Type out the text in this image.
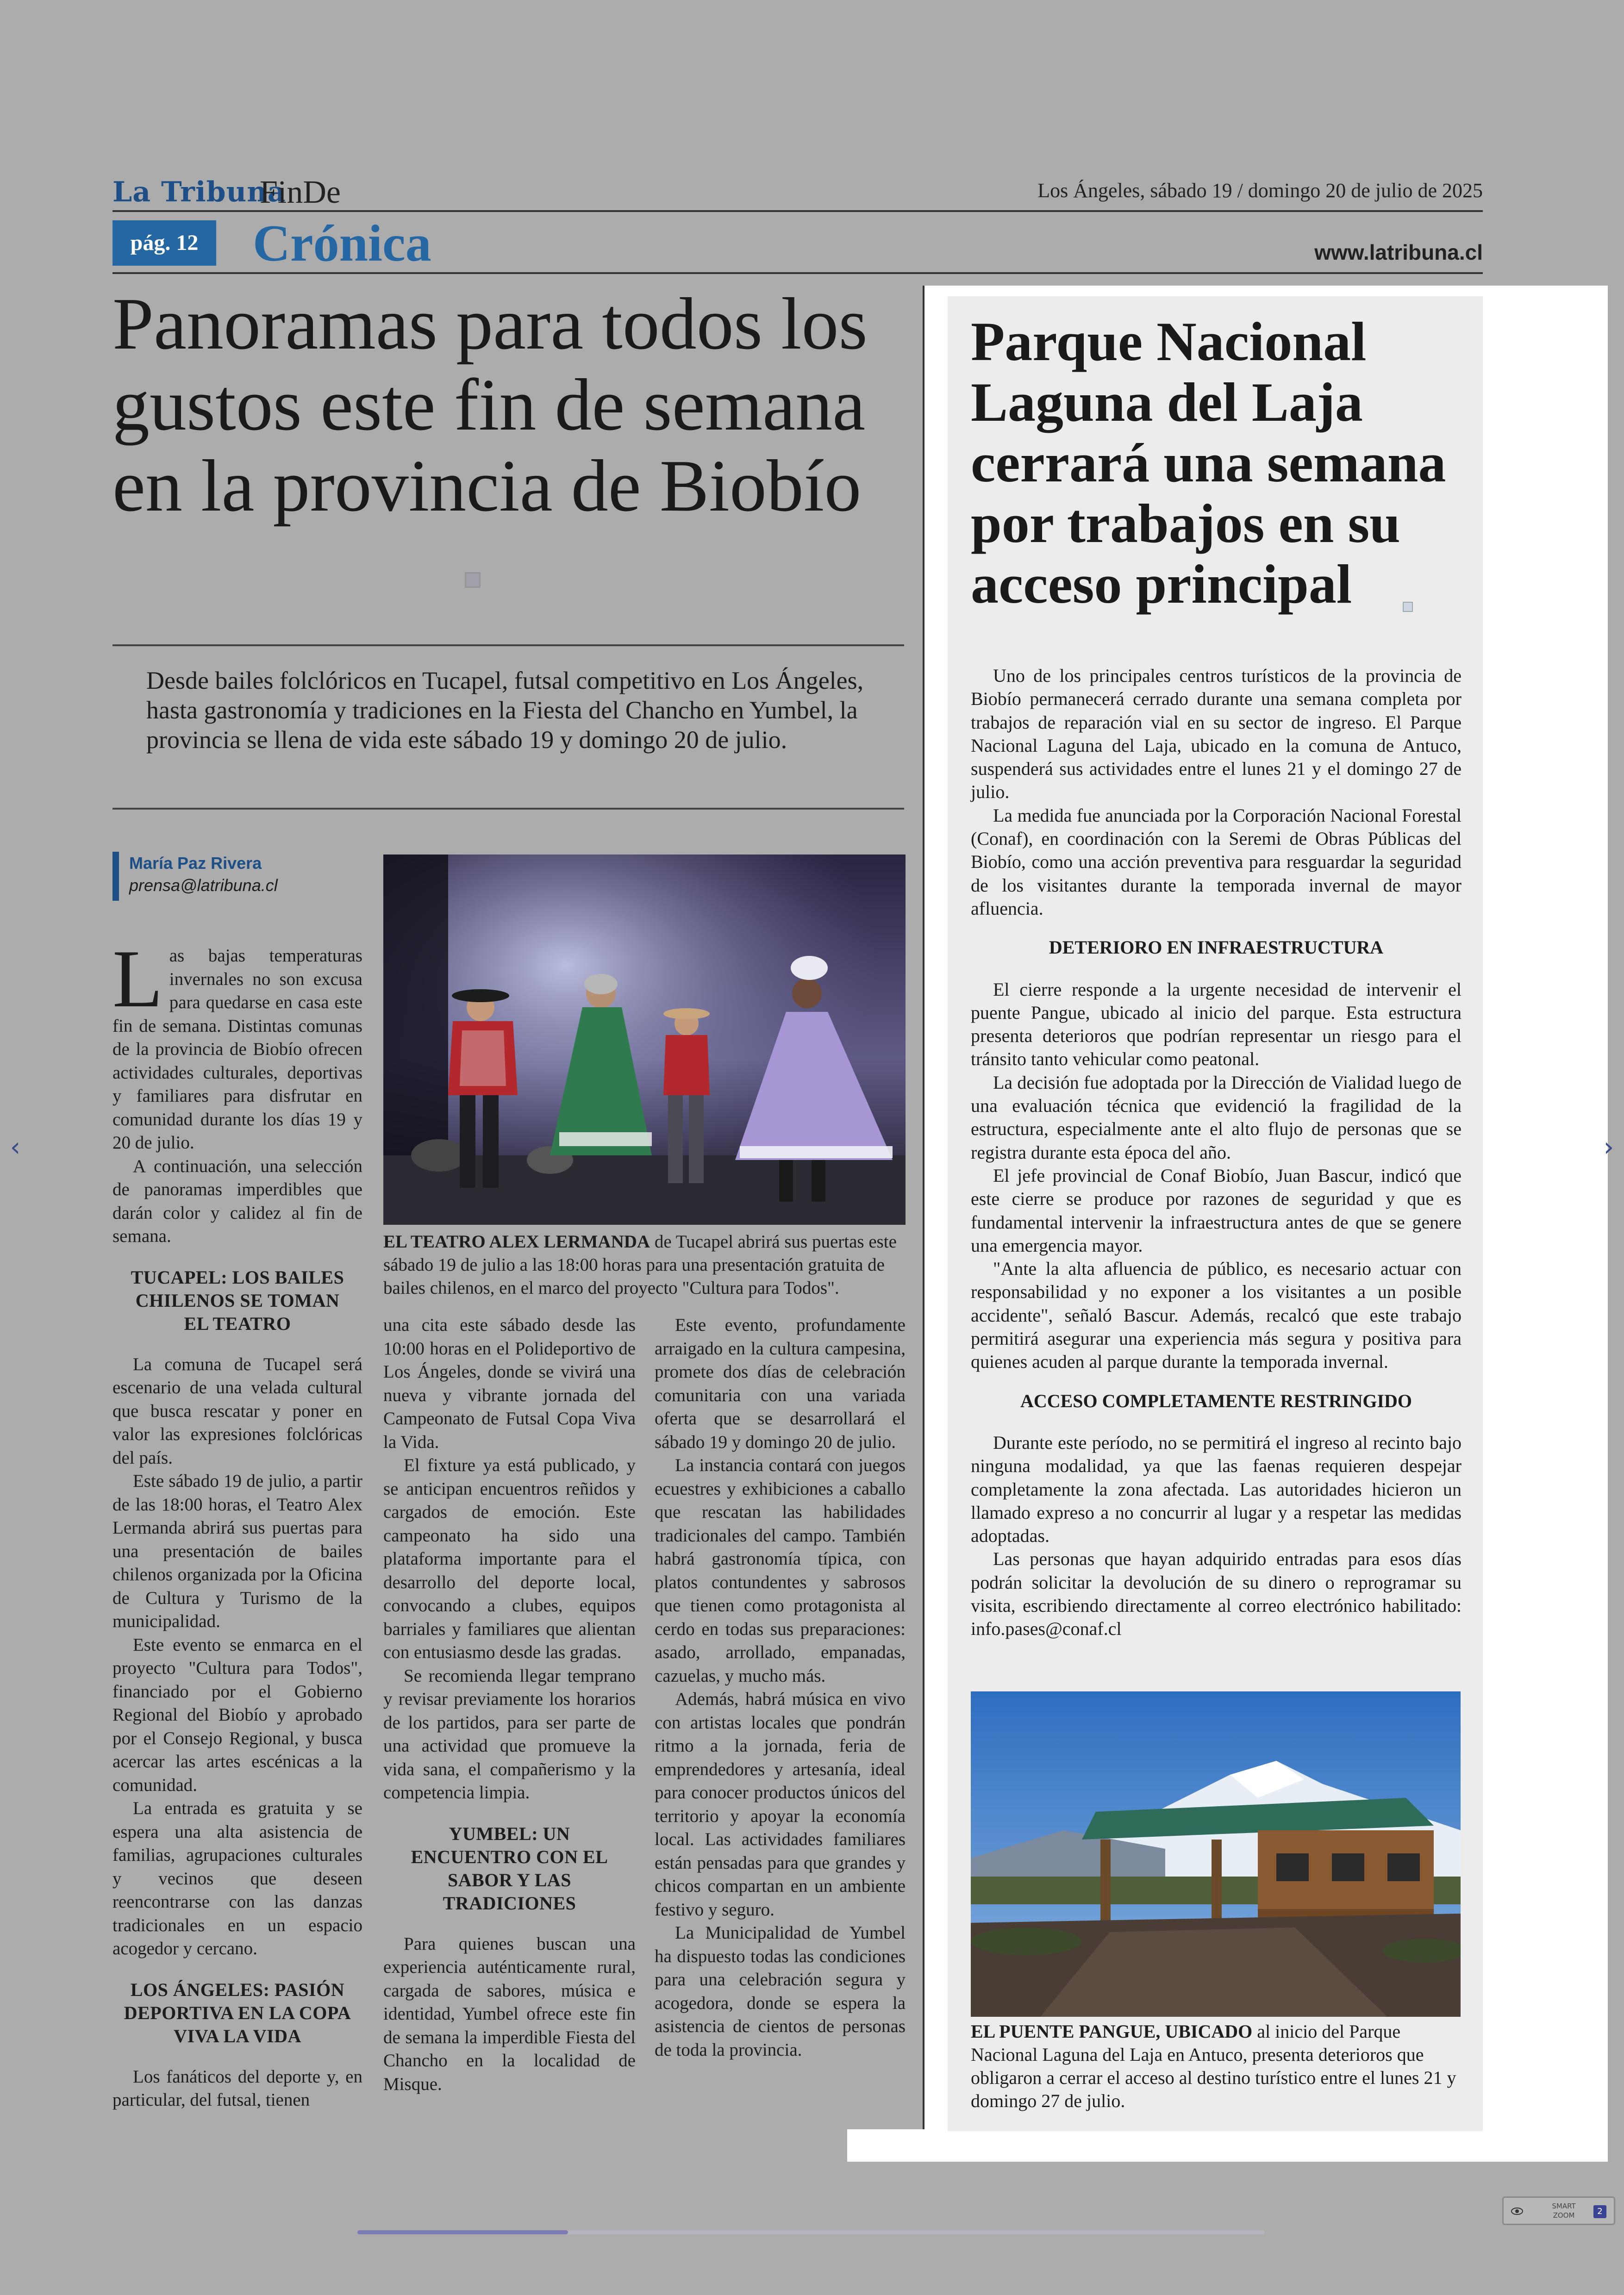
La Tribuna
FinDe	Los Ángeles, sábado 19 / domingo 20 de julio de 2025
pág. 12	Crónica	www.latribuna.cl
Panoramas para todos los gustos este fin de semana en la provincia de Biobío

Desde bailes folclóricos en Tucapel, futsal competitivo en Los Ángeles, hasta gastronomía y tradiciones en la Fiesta del Chancho en Yumbel, la provincia se llena de vida este sábado 19 y domingo 20 de julio.

María Paz Rivera
prensa@latribuna.cl

Las bajas temperaturas invernales no son excusa para quedarse en casa este fin de semana. Distintas comunas de la provincia de Biobío ofrecen actividades culturales, deportivas y familiares para disfrutar en comunidad durante los días 19 y 20 de julio.

A continuación, una selección de panoramas imperdibles que darán color y calidez al fin de semana.

TUCAPEL: LOS BAILES CHILENOS SE TOMAN EL TEATRO

La comuna de Tucapel será escenario de una velada cultural que busca rescatar y poner en valor las expresiones folclóricas del país.

Este sábado 19 de julio, a partir de las 18:00 horas, el Teatro Alex Lermanda abrirá sus puertas para una presentación de bailes chilenos organizada por la Oficina de Cultura y Turismo de la municipalidad.

Este evento se enmarca en el proyecto "Cultura para Todos", financiado por el Gobierno Regional del Biobío y aprobado por el Consejo Regional, y busca acercar las artes escénicas a la comunidad.

La entrada es gratuita y se espera una alta asistencia de familias, agrupaciones culturales y vecinos que deseen reencontrarse con las danzas tradicionales en un espacio acogedor y cercano.

LOS ÁNGELES: PASIÓN DEPORTIVA EN LA COPA VIVA LA VIDA

Los fanáticos del deporte y, en particular, del futsal, tienen

EL TEATRO ALEX LERMANDA de Tucapel abrirá sus puertas este sábado 19 de julio a las 18:00 horas para una presentación gratuita de bailes chilenos, en el marco del proyecto "Cultura para Todos".

una cita este sábado desde las 10:00 horas en el Polideportivo de Los Ángeles, donde se vivirá una nueva y vibrante jornada del Campeonato de Futsal Copa Viva la Vida.

El fixture ya está publicado, y se anticipan encuentros reñidos y cargados de emoción. Este campeonato ha sido una plataforma importante para el desarrollo del deporte local, convocando a clubes, equipos barriales y familiares que alientan con entusiasmo desde las gradas.

Se recomienda llegar temprano y revisar previamente los horarios de los partidos, para ser parte de una actividad que promueve la vida sana, el compañerismo y la competencia limpia.

YUMBEL: UN ENCUENTRO CON EL SABOR Y LAS TRADICIONES

Para quienes buscan una experiencia auténticamente rural, cargada de sabores, música e identidad, Yumbel ofrece este fin de semana la imperdible Fiesta del Chancho en la localidad de Misque.

Este evento, profundamente arraigado en la cultura campesina, promete dos días de celebración comunitaria con una variada oferta que se desarrollará el sábado 19 y domingo 20 de julio.

La instancia contará con juegos ecuestres y exhibiciones a caballo que rescatan las habilidades tradicionales del campo. También habrá gastronomía típica, con platos contundentes y sabrosos que tienen como protagonista al cerdo en todas sus preparaciones: asado, arrollado, empanadas, cazuelas, y mucho más.

Además, habrá música en vivo con artistas locales que pondrán ritmo a la jornada, feria de emprendedores y artesanía, ideal para conocer productos únicos del territorio y apoyar la economía local. Las actividades familiares están pensadas para que grandes y chicos compartan en un ambiente festivo y seguro.

La Municipalidad de Yumbel ha dispuesto todas las condiciones para una celebración segura y acogedora, donde se espera la asistencia de cientos de personas de toda la provincia.

Parque Nacional Laguna del Laja cerrará una semana por trabajos en su acceso principal

Uno de los principales centros turísticos de la provincia de Biobío permanecerá cerrado durante una semana completa por trabajos de reparación vial en su sector de ingreso. El Parque Nacional Laguna del Laja, ubicado en la comuna de Antuco, suspenderá sus actividades entre el lunes 21 y el domingo 27 de julio.

La medida fue anunciada por la Corporación Nacional Forestal (Conaf), en coordinación con la Seremi de Obras Públicas del Biobío, como una acción preventiva para resguardar la seguridad de los visitantes durante la temporada invernal de mayor afluencia.

DETERIORO EN INFRAESTRUCTURA

El cierre responde a la urgente necesidad de intervenir el puente Pangue, ubicado al inicio del parque. Esta estructura presenta deterioros que podrían representar un riesgo para el tránsito tanto vehicular como peatonal.

La decisión fue adoptada por la Dirección de Vialidad luego de una evaluación técnica que evidenció la fragilidad de la estructura, especialmente ante el alto flujo de personas que se registra durante esta época del año.

El jefe provincial de Conaf Biobío, Juan Bascur, indicó que este cierre se produce por razones de seguridad y que es fundamental intervenir la infraestructura antes de que se genere una emergencia mayor.

"Ante la alta afluencia de público, es necesario actuar con responsabilidad y no exponer a los visitantes a un posible accidente", señaló Bascur. Además, recalcó que este trabajo permitirá asegurar una experiencia más segura y positiva para quienes acuden al parque durante la temporada invernal.

ACCESO COMPLETAMENTE RESTRINGIDO

Durante este período, no se permitirá el ingreso al recinto bajo ninguna modalidad, ya que las faenas requieren despejar completamente la zona afectada. Las autoridades hicieron un llamado expreso a no concurrir al lugar y a respetar las medidas adoptadas.

Las personas que hayan adquirido entradas para esos días podrán solicitar la devolución de su dinero o reprogramar su visita, escribiendo directamente al correo electrónico habilitado: info.pases@conaf.cl

EL PUENTE PANGUE, UBICADO al inicio del Parque Nacional Laguna del Laja en Antuco, presenta deterioros que obligaron a cerrar el acceso al destino turístico entre el lunes 21 y domingo 27 de julio.

‹	›
SMART
ZOOM	2
